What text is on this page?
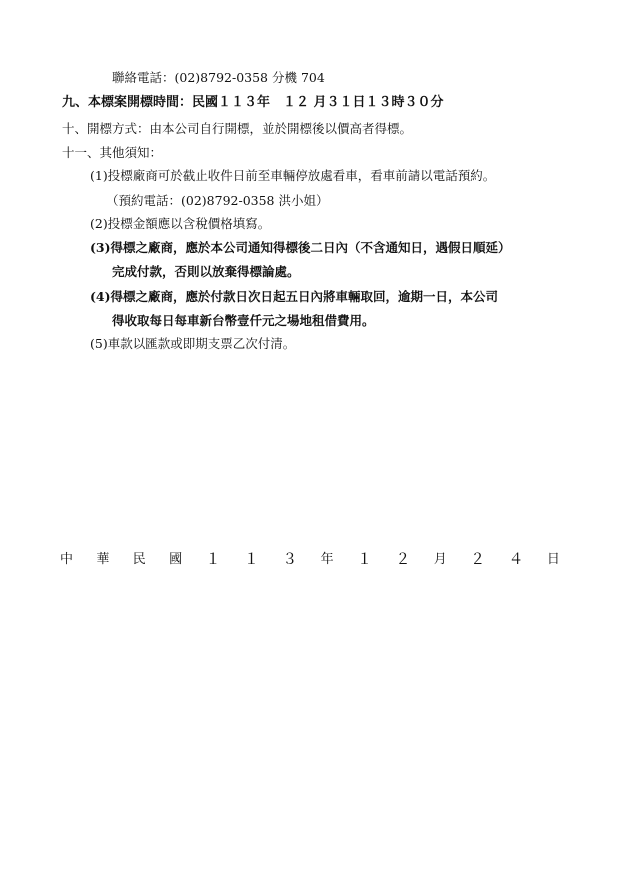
聯絡電話：(02)8792-0358 分機 704
九、本標案開標時間：民國１１３年　１２ 月３１日１３時３０分
十、開標方式：由本公司自行開標，並於開標後以價高者得標。
十一、其他須知：
(1)投標廠商可於截止收件日前至車輛停放處看車，看車前請以電話預約。
（預約電話：(02)8792-0358 洪小姐）
(2)投標金額應以含稅價格填寫。
(3)得標之廠商，應於本公司通知得標後二日內（不含通知日，遇假日順延）
完成付款，否則以放棄得標論處。
(4)得標之廠商，應於付款日次日起五日內將車輛取回，逾期一日，本公司
得收取每日每車新台幣壹仟元之場地租借費用。
(5)車款以匯款或即期支票乙次付清。
中 華 民 國 １ １ ３ 年 １ ２ 月 ２ ４ 日
